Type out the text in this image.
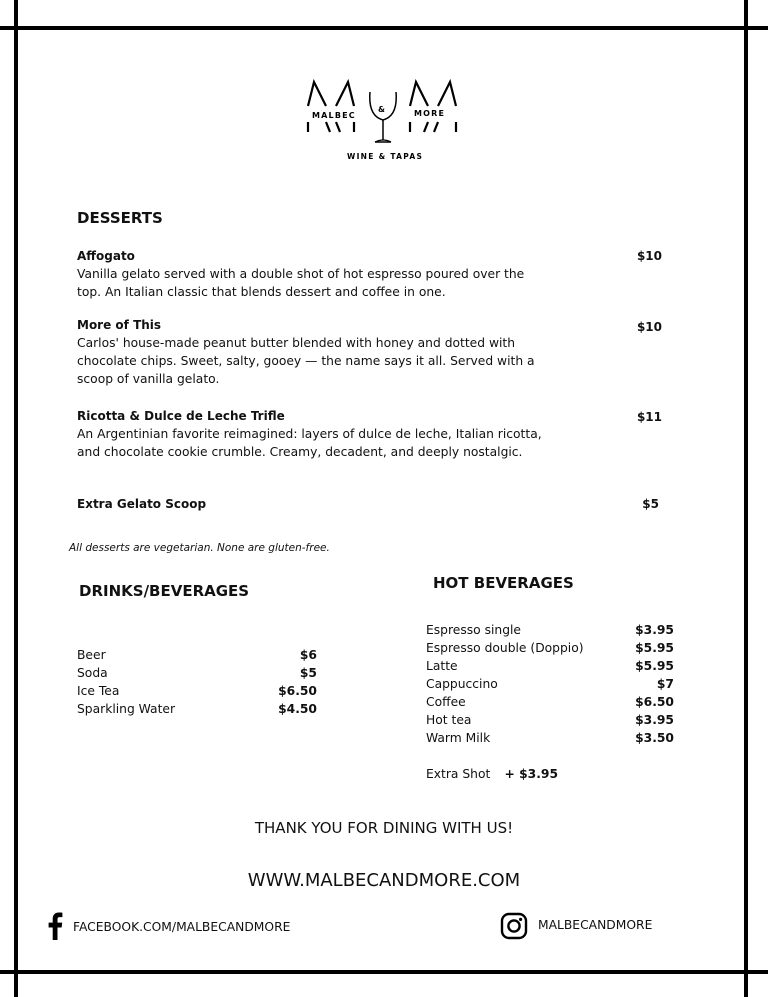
MALBEC
&	MORE
WINE & TAPAS
DESSERTS
Affogato	$10
Vanilla gelato served with a double shot of hot espresso poured over the top. An Italian classic that blends dessert and coffee in one.
More of This	$10
Carlos' house-made peanut butter blended with honey and dotted with chocolate chips. Sweet, salty, gooey — the name says it all. Served with a scoop of vanilla gelato.
Ricotta & Dulce de Leche Trifle	$11
An Argentinian favorite reimagined: layers of dulce de leche, Italian ricotta, and chocolate cookie crumble. Creamy, decadent, and deeply nostalgic.
Extra Gelato Scoop	$5
All desserts are vegetarian. None are gluten-free.
DRINKS/BEVERAGES
Beer	$6
Soda	$5
Ice Tea	$6.50
Sparkling Water	$4.50
HOT BEVERAGES
Espresso single	$3.95
Espresso double (Doppio)	$5.95
Latte	$5.95
Cappuccino	$7
Coffee	$6.50
Hot tea	$3.95
Warm Milk	$3.50
Extra Shot + $3.95
THANK YOU FOR DINING WITH US!
WWW.MALBECANDMORE.COM
FACEBOOK.COM/MALBECANDMORE	MALBECANDMORE
